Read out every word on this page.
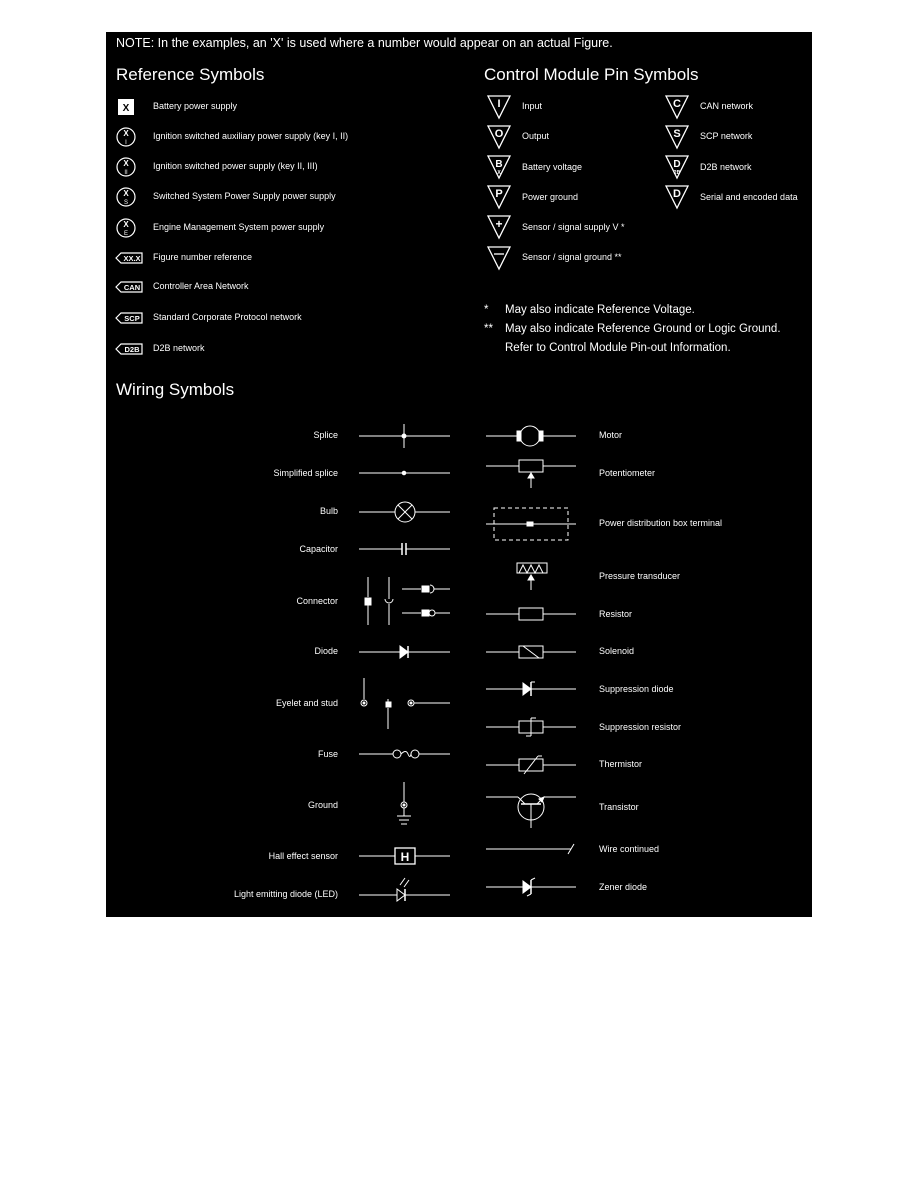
X
X
I
X
II
X
S
X
E
XX.X
CAN
SCP
D2B
I
O
B
X
P
+
C
S
D
2B
D
H
NOTE: In the examples, an 'X' is used where a number would appear on an actual Figure.
Reference Symbols	Control Module Pin Symbols
Wiring Symbols
Battery power supply
Ignition switched auxiliary power supply (key I, II)
Ignition switched power supply (key II, III)
Switched System Power Supply power supply
Engine Management System power supply
Figure number reference
Controller Area Network
Standard Corporate Protocol network
D2B network
Input
Output
Battery voltage
Power ground
Sensor / signal supply V *
Sensor / signal ground **
CAN network
SCP network
D2B network
Serial and encoded data
* May also indicate Reference Voltage.
** May also indicate Reference Ground or Logic Ground.
Refer to Control Module Pin-out Information.
Splice
Simplified splice
Bulb
Capacitor
Connector
Diode
Eyelet and stud
Fuse
Ground
Hall effect sensor
Light emitting diode (LED)
Motor
Potentiometer
Power distribution box terminal
Pressure transducer
Resistor
Solenoid
Suppression diode
Suppression resistor
Thermistor
Transistor
Wire continued
Zener diode
